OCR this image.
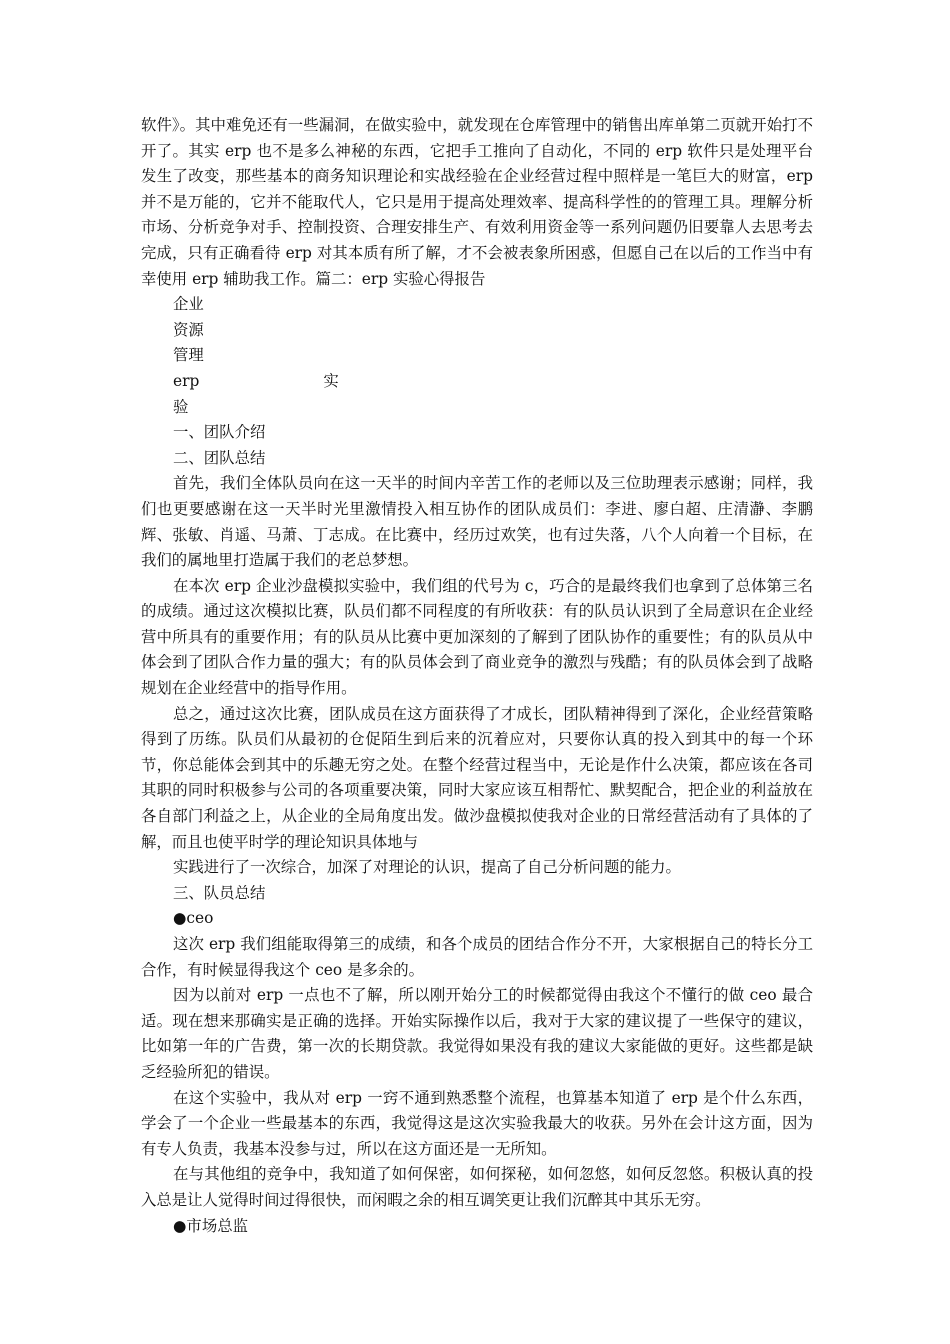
软件》。其中难免还有一些漏洞，在做实验中，就发现在仓库管理中的销售出库单第二页就开始打不开了。其实 erp 也不是多么神秘的东西，它把手工推向了自动化，不同的 erp 软件只是处理平台发生了改变，那些基本的商务知识理论和实战经验在企业经营过程中照样是一笔巨大的财富，erp 并不是万能的，它并不能取代人，它只是用于提高处理效率、提高科学性的的管理工具。理解分析市场、分析竞争对手、控制投资、合理安排生产、有效利用资金等一系列问题仍旧要靠人去思考去完成，只有正确看待 erp 对其本质有所了解，才不会被表象所困惑，但愿自己在以后的工作当中有幸使用 erp 辅助我工作。篇二：erp 实验心得报告

企业

资源

管理

erp	实

验

一、团队介绍

二、团队总结

首先，我们全体队员向在这一天半的时间内辛苦工作的老师以及三位助理表示感谢；同样，我们也更要感谢在这一天半时光里激情投入相互协作的团队成员们：李进、廖白超、庄清瀞、李鹏辉、张敏、肖遥、马萧、丁志成。在比赛中，经历过欢笑，也有过失落，八个人向着一个目标，在我们的属地里打造属于我们的老总梦想。

在本次 erp 企业沙盘模拟实验中，我们组的代号为 c，巧合的是最终我们也拿到了总体第三名的成绩。通过这次模拟比赛，队员们都不同程度的有所收获：有的队员认识到了全局意识在企业经营中所具有的重要作用；有的队员从比赛中更加深刻的了解到了团队协作的重要性；有的队员从中体会到了团队合作力量的强大；有的队员体会到了商业竞争的激烈与残酷；有的队员体会到了战略规划在企业经营中的指导作用。

总之，通过这次比赛，团队成员在这方面获得了才成长，团队精神得到了深化，企业经营策略得到了历练。队员们从最初的仓促陌生到后来的沉着应对，只要你认真的投入到其中的每一个环节，你总能体会到其中的乐趣无穷之处。在整个经营过程当中，无论是作什么决策，都应该在各司其职的同时积极参与公司的各项重要决策，同时大家应该互相帮忙、默契配合，把企业的利益放在各自部门利益之上，从企业的全局角度出发。做沙盘模拟使我对企业的日常经营活动有了具体的了解，而且也使平时学的理论知识具体地与

实践进行了一次综合，加深了对理论的认识，提高了自己分析问题的能力。

三、队员总结

●ceo

这次 erp 我们组能取得第三的成绩，和各个成员的团结合作分不开，大家根据自己的特长分工合作，有时候显得我这个 ceo 是多余的。

因为以前对 erp 一点也不了解，所以刚开始分工的时候都觉得由我这个不懂行的做 ceo 最合适。现在想来那确实是正确的选择。开始实际操作以后，我对于大家的建议提了一些保守的建议，比如第一年的广告费，第一次的长期贷款。我觉得如果没有我的建议大家能做的更好。这些都是缺乏经验所犯的错误。

在这个实验中，我从对 erp 一窍不通到熟悉整个流程，也算基本知道了 erp 是个什么东西，学会了一个企业一些最基本的东西，我觉得这是这次实验我最大的收获。另外在会计这方面，因为有专人负责，我基本没参与过，所以在这方面还是一无所知。

在与其他组的竞争中，我知道了如何保密，如何探秘，如何忽悠，如何反忽悠。积极认真的投入总是让人觉得时间过得很快，而闲暇之余的相互调笑更让我们沉醉其中其乐无穷。

●市场总监
